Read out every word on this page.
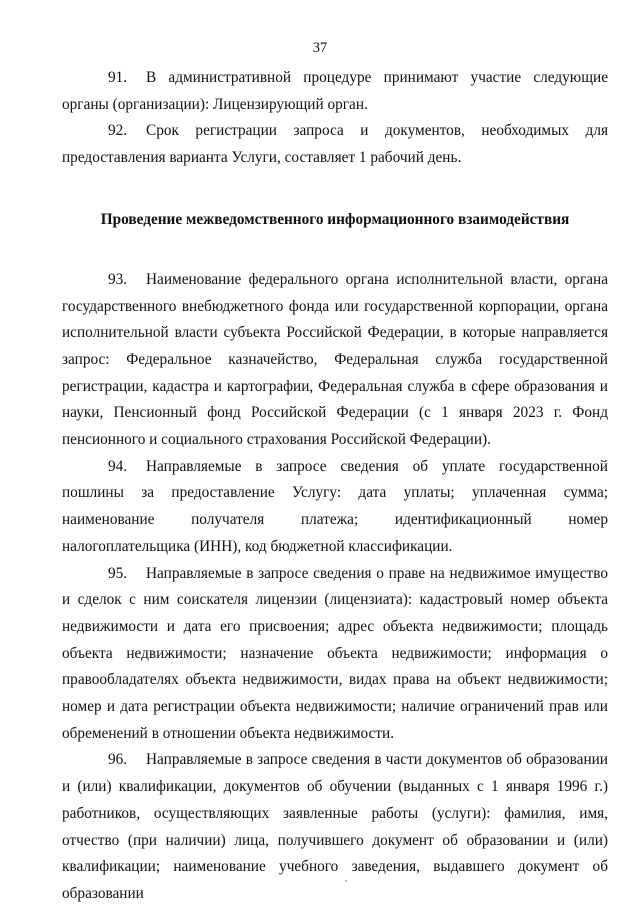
37

91. В административной процедуре принимают участие следующие органы (организации): Лицензирующий орган.

92. Срок регистрации запроса и документов, необходимых для предоставления варианта Услуги, составляет 1 рабочий день.

Проведение межведомственного информационного взаимодействия

93. Наименование федерального органа исполнительной власти, органа государственного внебюджетного фонда или государственной корпорации, органа исполнительной власти субъекта Российской Федерации, в которые направляется запрос: Федеральное казначейство, Федеральная служба государственной регистрации, кадастра и картографии, Федеральная служба в сфере образования и науки, Пенсионный фонд Российской Федерации (с 1 января 2023 г. Фонд пенсионного и социального страхования Российской Федерации).

94. Направляемые в запросе сведения об уплате государственной пошлины за предоставление Услугу: дата уплаты; уплаченная сумма; наименование получателя платежа; идентификационный номер налогоплательщика (ИНН), код бюджетной классификации.

95. Направляемые в запросе сведения о праве на недвижимое имущество и сделок с ним соискателя лицензии (лицензиата): кадастровый номер объекта недвижимости и дата его присвоения; адрес объекта недвижимости; площадь объекта недвижимости; назначение объекта недвижимости; информация о правообладателях объекта недвижимости, видах права на объект недвижимости; номер и дата регистрации объекта недвижимости; наличие ограничений прав или обременений в отношении объекта недвижимости.

96. Направляемые в запросе сведения в части документов об образовании и (или) квалификации, документов об обучении (выданных с 1 января 1996 г.) работников, осуществляющих заявленные работы (услуги): фамилия, имя, отчество (при наличии) лица, получившего документ об образовании и (или) квалификации; наименование учебного заведения, выдавшего документ об образовании
